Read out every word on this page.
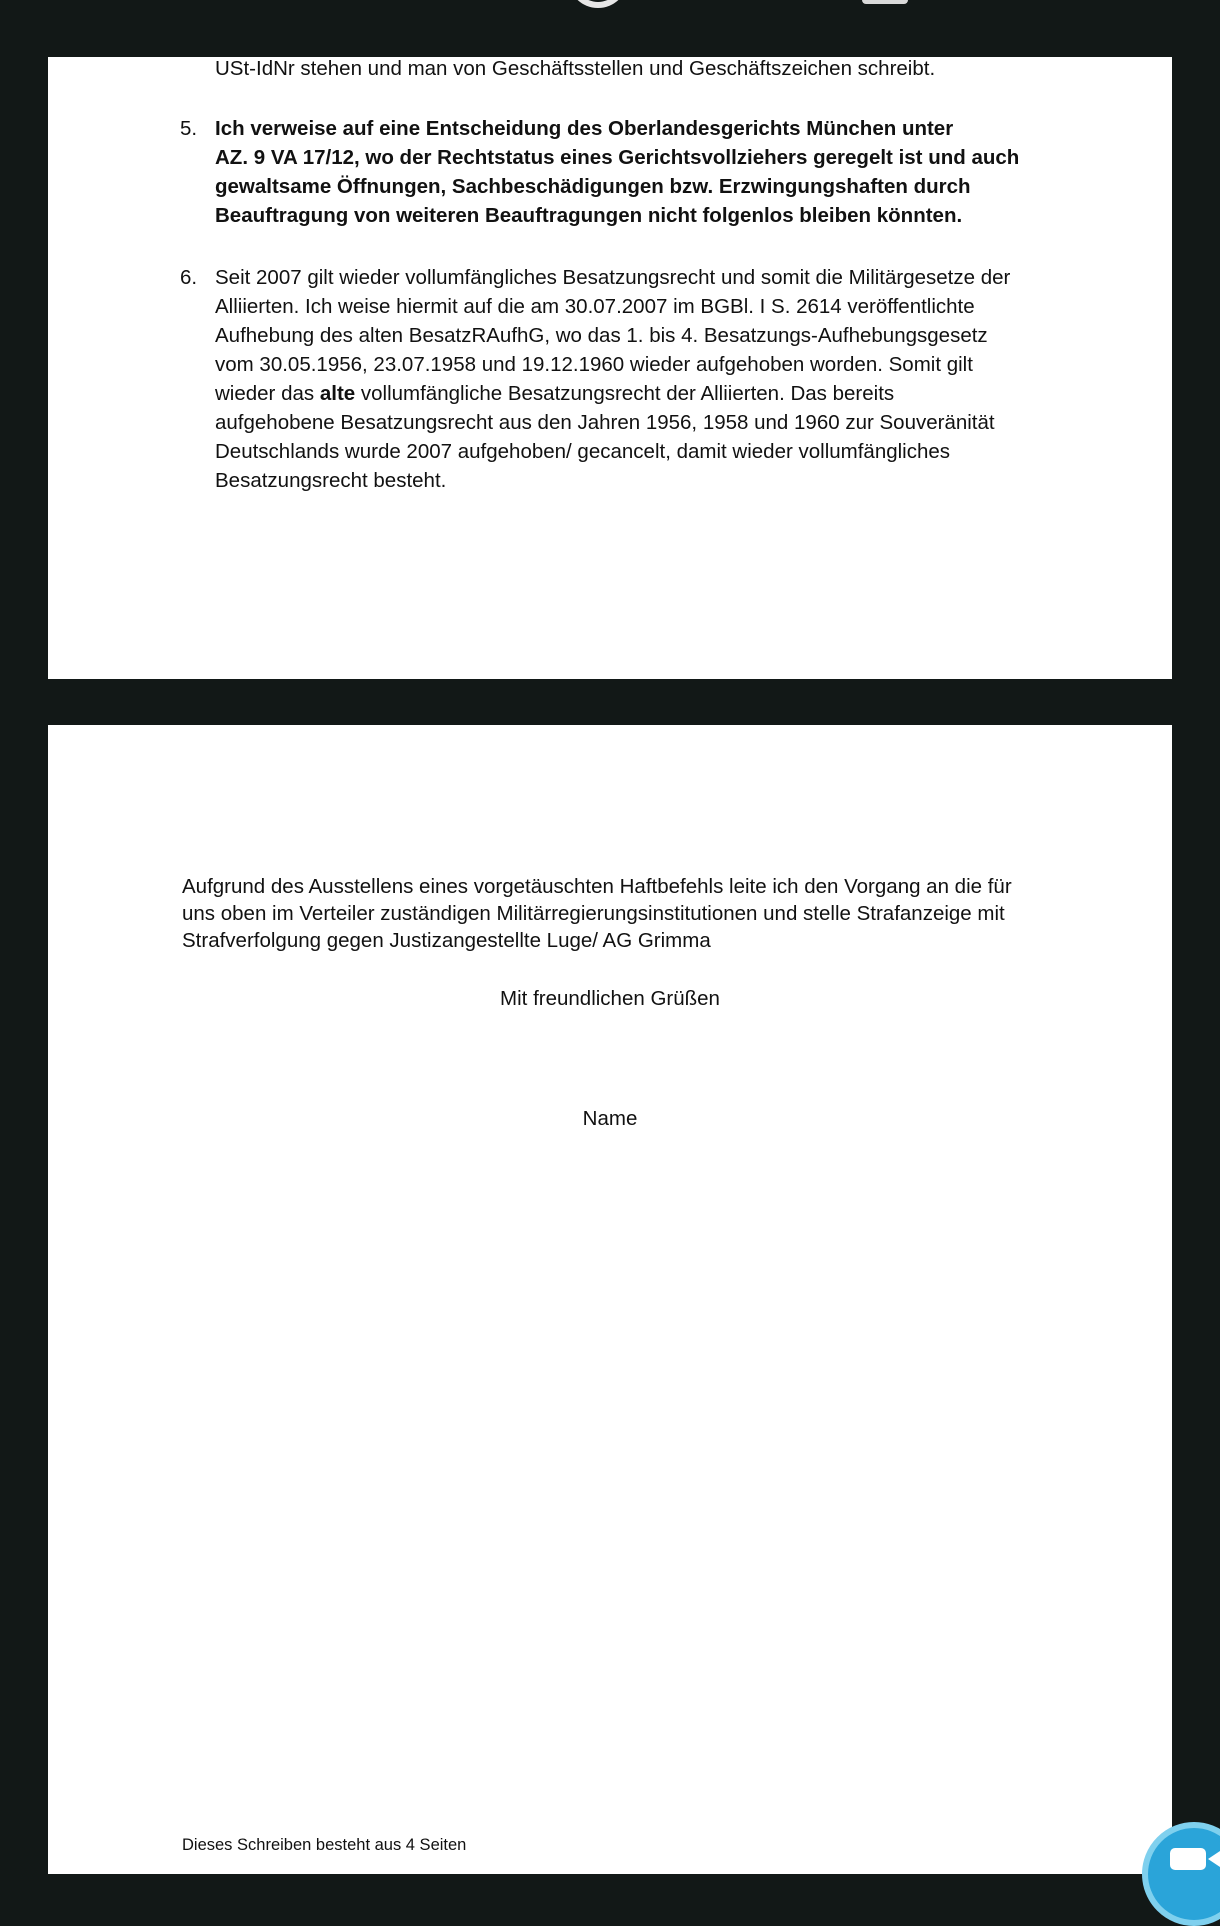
USt-IdNr stehen und man von Geschäftsstellen und Geschäftszeichen schreibt.
5. Ich verweise auf eine Entscheidung des Oberlandesgerichts München unter
AZ. 9 VA 17/12, wo der Rechtstatus eines Gerichtsvollziehers geregelt ist und auch
gewaltsame Öffnungen, Sachbeschädigungen bzw. Erzwingungshaften durch
Beauftragung von weiteren Beauftragungen nicht folgenlos bleiben könnten.
6. Seit 2007 gilt wieder vollumfängliches Besatzungsrecht und somit die Militärgesetze der
Alliierten. Ich weise hiermit auf die am 30.07.2007 im BGBl. I S. 2614 veröffentlichte
Aufhebung des alten BesatzRAufhG, wo das 1. bis 4. Besatzungs-Aufhebungsgesetz
vom 30.05.1956, 23.07.1958 und 19.12.1960 wieder aufgehoben worden. Somit gilt
wieder das alte vollumfängliche Besatzungsrecht der Alliierten. Das bereits
aufgehobene Besatzungsrecht aus den Jahren 1956, 1958 und 1960 zur Souveränität
Deutschlands wurde 2007 aufgehoben/ gecancelt, damit wieder vollumfängliches
Besatzungsrecht besteht.
Aufgrund des Ausstellens eines vorgetäuschten Haftbefehls leite ich den Vorgang an die für
uns oben im Verteiler zuständigen Militärregierungsinstitutionen und stelle Strafanzeige mit
Strafverfolgung gegen Justizangestellte Luge/ AG Grimma
Mit freundlichen Grüßen
Name
Dieses Schreiben besteht aus 4 Seiten
